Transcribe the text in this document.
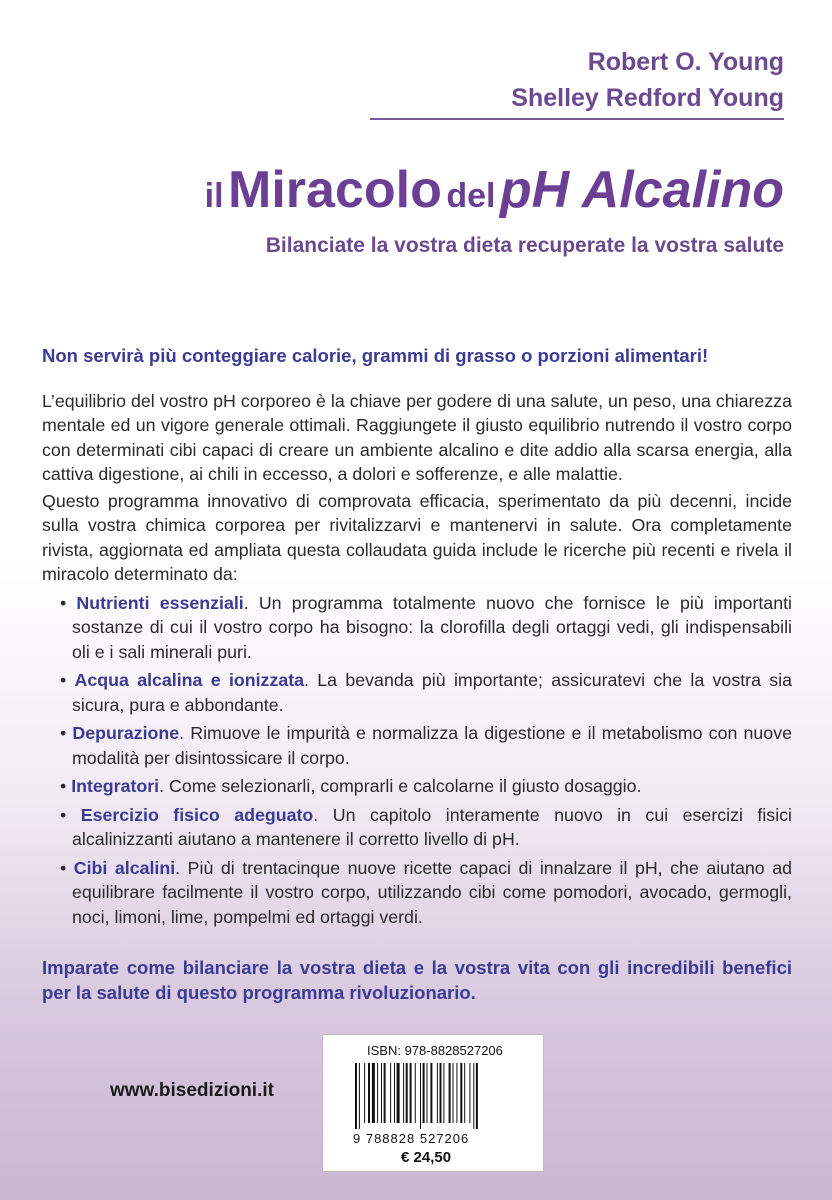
Robert O. Young
Shelley Redford Young
il Miracolo del pH Alcalino
Bilanciate la vostra dieta recuperate la vostra salute
Non servirà più conteggiare calorie, grammi di grasso o porzioni alimentari!

L’equilibrio del vostro pH corporeo è la chiave per godere di una salute, un peso, una chiarezza mentale ed un vigore generale ottimali. Raggiungete il giusto equilibrio nutrendo il vostro corpo con determinati cibi capaci di creare un ambiente alcalino e dite addio alla scarsa energia, alla cattiva digestione, ai chili in eccesso, a dolori e sofferenze, e alle malattie.

Questo programma innovativo di comprovata efficacia, sperimentato da più decenni, incide sulla vostra chimica corporea per rivitalizzarvi e mantenervi in salute. Ora completamente rivista, aggiornata ed ampliata questa collaudata guida include le ricerche più recenti e rivela il miracolo determinato da:

• Nutrienti essenziali. Un programma totalmente nuovo che fornisce le più importanti sostanze di cui il vostro corpo ha bisogno: la clorofilla degli ortaggi vedi, gli indispensabili oli e i sali minerali puri.
• Acqua alcalina e ionizzata. La bevanda più importante; assicuratevi che la vostra sia sicura, pura e abbondante.
• Depurazione. Rimuove le impurità e normalizza la digestione e il metabolismo con nuove modalità per disintossicare il corpo.
• Integratori. Come selezionarli, comprarli e calcolarne il giusto dosaggio.
• Esercizio fisico adeguato. Un capitolo interamente nuovo in cui esercizi fisici alcalinizzanti aiutano a mantenere il corretto livello di pH.
• Cibi alcalini. Più di trentacinque nuove ricette capaci di innalzare il pH, che aiutano ad equilibrare facilmente il vostro corpo, utilizzando cibi come pomodori, avocado, germogli, noci, limoni, lime, pompelmi ed ortaggi verdi.
Imparate come bilanciare la vostra dieta e la vostra vita con gli incredibili benefici per la salute di questo programma rivoluzionario.
www.bisedizioni.it
ISBN: 978-8828527206
9 788828 527206
€ 24,50
